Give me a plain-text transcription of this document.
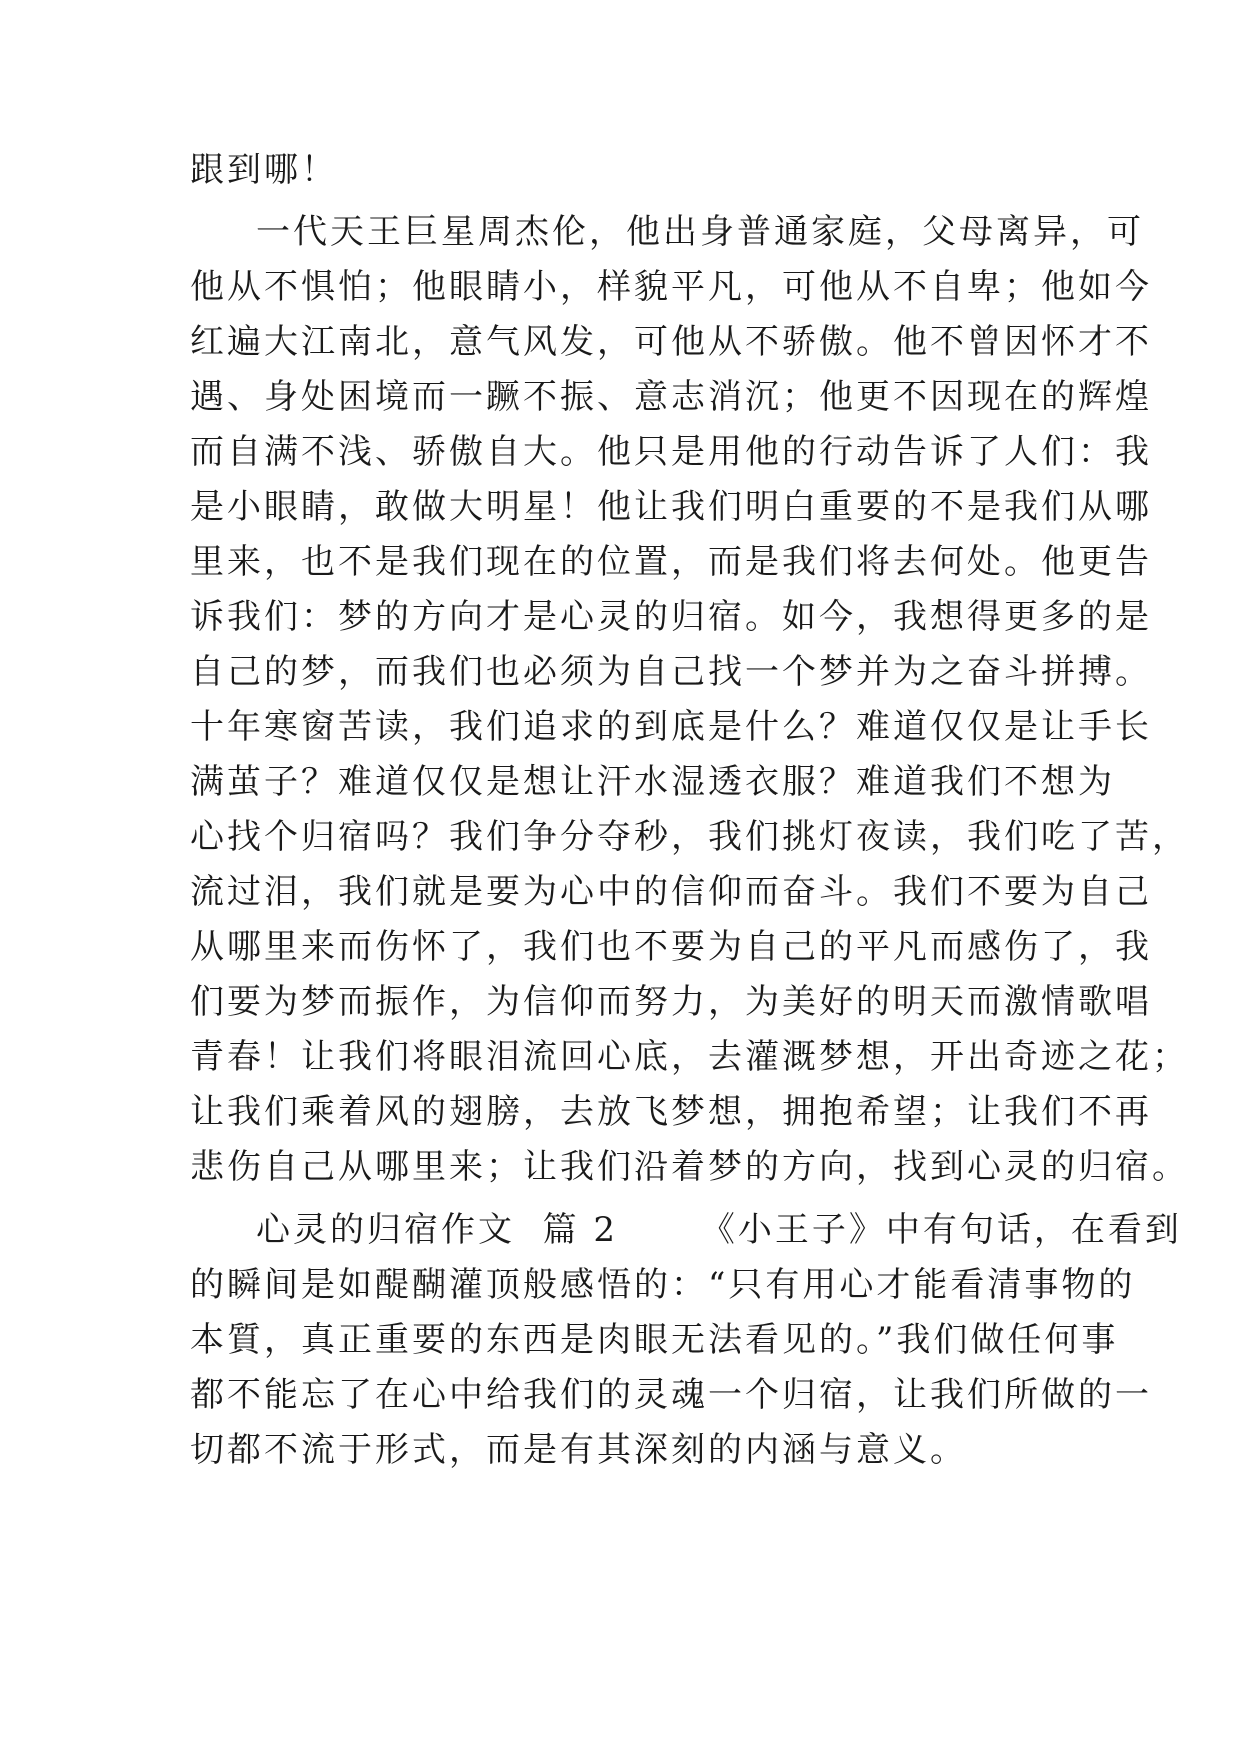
跟到哪！
一代天王巨星周杰伦，他出身普通家庭，父母离异，可
他从不惧怕；他眼睛小，样貌平凡，可他从不自卑；他如今
红遍大江南北，意气风发，可他从不骄傲。他不曾因怀才不
遇、身处困境而一蹶不振、意志消沉；他更不因现在的辉煌
而自满不浅、骄傲自大。他只是用他的行动告诉了人们：我
是小眼睛，敢做大明星！他让我们明白重要的不是我们从哪
里来，也不是我们现在的位置，而是我们将去何处。他更告
诉我们：梦的方向才是心灵的归宿。如今，我想得更多的是
自己的梦，而我们也必须为自己找一个梦并为之奋斗拼搏。
十年寒窗苦读，我们追求的到底是什么？难道仅仅是让手长
满茧子？难道仅仅是想让汗水湿透衣服？难道我们不想为
心找个归宿吗？我们争分夺秒，我们挑灯夜读，我们吃了苦，
流过泪，我们就是要为心中的信仰而奋斗。我们不要为自己
从哪里来而伤怀了，我们也不要为自己的平凡而感伤了，我
们要为梦而振作，为信仰而努力，为美好的明天而激情歌唱
青春！让我们将眼泪流回心底，去灌溉梦想，开出奇迹之花；
让我们乘着风的翅膀，去放飞梦想，拥抱希望；让我们不再
悲伤自己从哪里来；让我们沿着梦的方向，找到心灵的归宿。
心灵的归宿作文  篇 2      《小王子》中有句话，在看到
的瞬间是如醍醐灌顶般感悟的：“只有用心才能看清事物的
本質，真正重要的东西是肉眼无法看见的。”我们做任何事
都不能忘了在心中给我们的灵魂一个归宿，让我们所做的一
切都不流于形式，而是有其深刻的内涵与意义。
